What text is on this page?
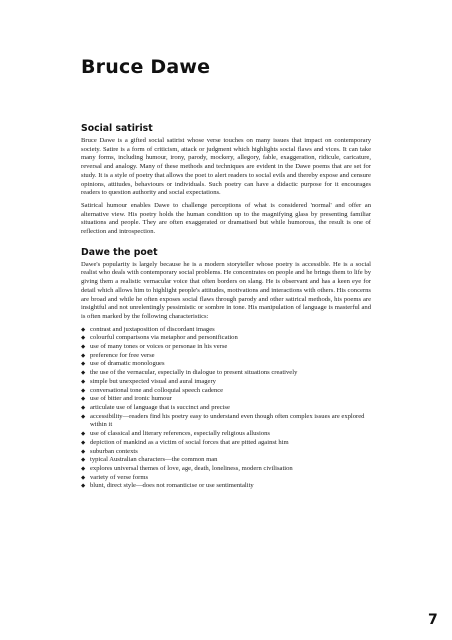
Bruce Dawe
Social satirist

Bruce Dawe is a gifted social satirist whose verse touches on many issues that impact on contemporary society. Satire is a form of criticism, attack or judgment which highlights social flaws and vices. It can take many forms, including humour, irony, parody, mockery, allegory, fable, exaggeration, ridicule, caricature, reversal and analogy. Many of these methods and techniques are evident in the Dawe poems that are set for study. It is a style of poetry that allows the poet to alert readers to social evils and thereby expose and censure opinions, attitudes, behaviours or individuals. Such poetry can have a didactic purpose for it encourages readers to question authority and social expectations.

Satirical humour enables Dawe to challenge perceptions of what is considered 'normal' and offer an alternative view. His poetry holds the human condition up to the magnifying glass by presenting familiar situations and people. They are often exaggerated or dramatised but while humorous, the result is one of reflection and introspection.

Dawe the poet

Dawe's popularity is largely because he is a modern storyteller whose poetry is accessible. He is a social realist who deals with contemporary social problems. He concentrates on people and he brings them to life by giving them a realistic vernacular voice that often borders on slang. He is observant and has a keen eye for detail which allows him to highlight people's attitudes, motivations and interactions with others. His concerns are broad and while he often exposes social flaws through parody and other satirical methods, his poems are insightful and not unrelentingly pessimistic or sombre in tone. His manipulation of language is masterful and is often marked by the following characteristics:

◆ contrast and juxtaposition of discordant images
◆ colourful comparisons via metaphor and personification
◆ use of many tones or voices or personae in his verse
◆ preference for free verse
◆ use of dramatic monologues
◆ the use of the vernacular, especially in dialogue to present situations creatively
◆ simple but unexpected visual and aural imagery
◆ conversational tone and colloquial speech cadence
◆ use of bitter and ironic humour
◆ articulate use of language that is succinct and precise
◆ accessibility—readers find his poetry easy to understand even though often complex issues are explored within it
◆ use of classical and literary references, especially religious allusions
◆ depiction of mankind as a victim of social forces that are pitted against him
◆ suburban contexts
◆ typical Australian characters—the common man
◆ explores universal themes of love, age, death, loneliness, modern civilisation
◆ variety of verse forms
◆ blunt, direct style—does not romanticise or use sentimentality
7
